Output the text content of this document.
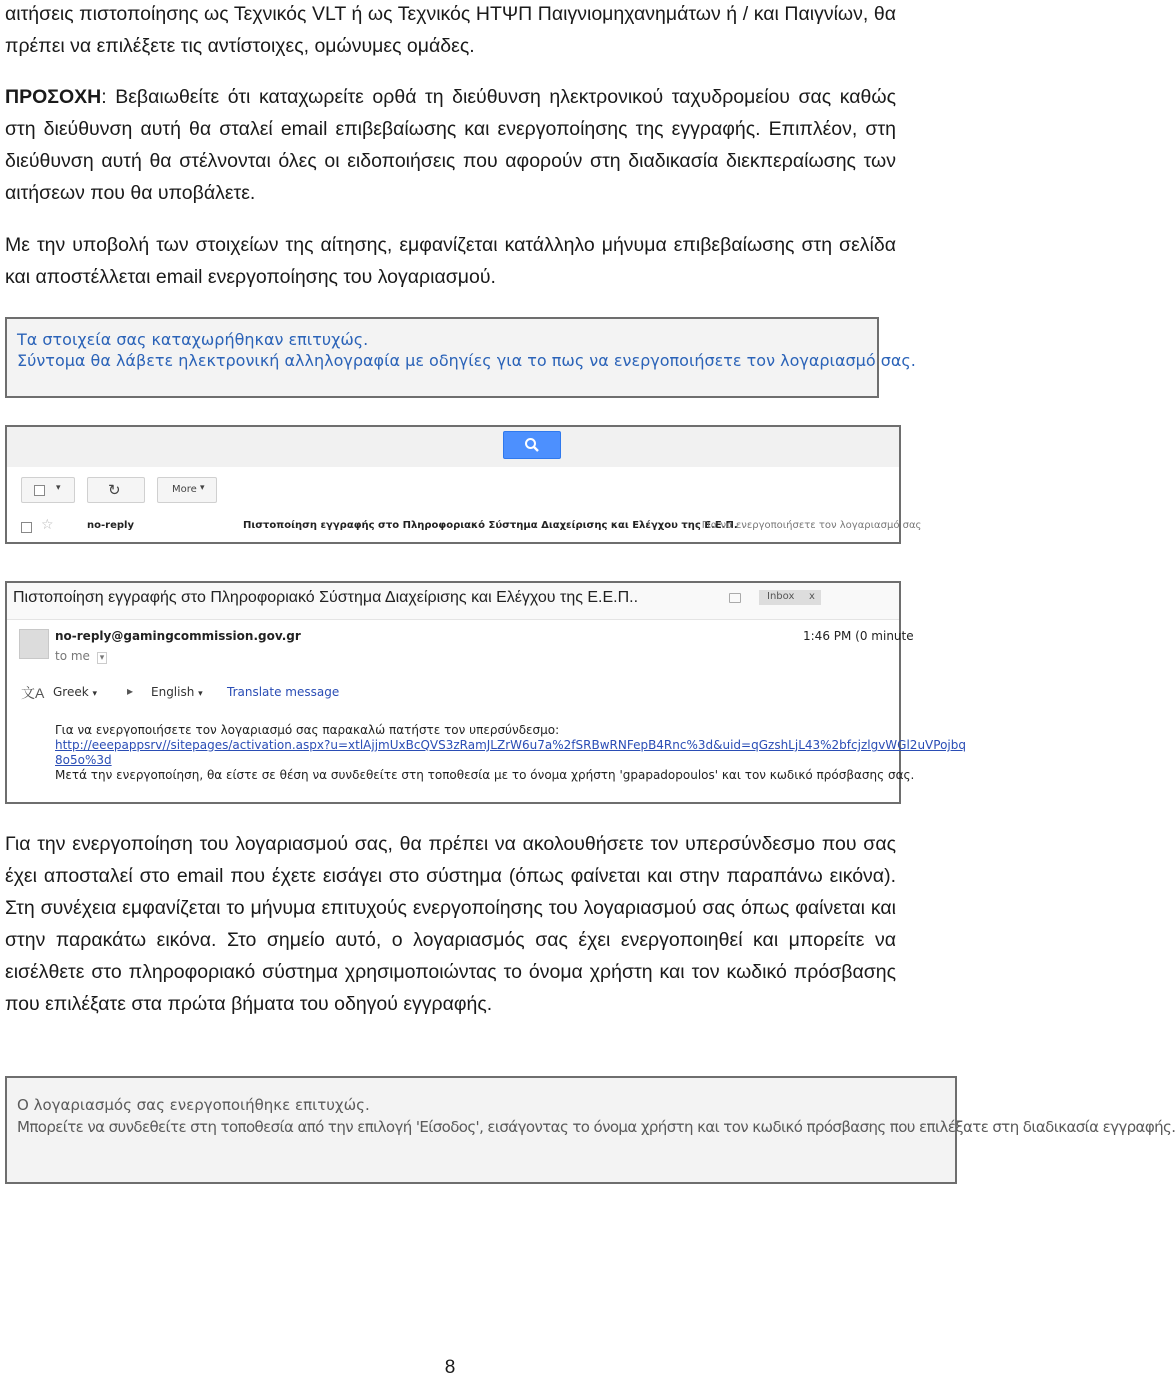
αιτήσεις πιστοποίησης ως Τεχνικός VLT ή ως Τεχνικός ΗΤΨΠ Παιγνιομηχανημάτων ή / και Παιγνίων, θα πρέπει να επιλέξετε τις αντίστοιχες, ομώνυμες ομάδες.

ΠΡΟΣΟΧΗ: Βεβαιωθείτε ότι καταχωρείτε ορθά τη διεύθυνση ηλεκτρονικού ταχυδρομείου σας καθώς στη διεύθυνση αυτή θα σταλεί email επιβεβαίωσης και ενεργοποίησης της εγγραφής. Επιπλέον, στη διεύθυνση αυτή θα στέλνονται όλες οι ειδοποιήσεις που αφορούν στη διαδικασία διεκπεραίωσης των αιτήσεων που θα υποβάλετε.

Με την υποβολή των στοιχείων της αίτησης, εμφανίζεται κατάλληλο μήνυμα επιβεβαίωσης στη σελίδα και αποστέλλεται email ενεργοποίησης του λογαριασμού.

Τα στοιχεία σας καταχωρήθηκαν επιτυχώς.
Σύντομα θα λάβετε ηλεκτρονική αλληλογραφία με οδηγίες για το πως να ενεργοποιήσετε τον λογαριασμό σας.
▾	↻	More ▾
☆	no-reply	Πιστοποίηση εγγραφής στο Πληροφοριακό Σύστημα Διαχείρισης και Ελέγχου της Ε.Ε.Π.
- Για να ενεργοποιήσετε τον λογαριασμό σας
Πιστοποίηση εγγραφής στο Πληροφοριακό Σύστημα Διαχείρισης και Ελέγχου της Ε.Ε.Π..	Inbox x
no-reply@gamingcommission.gov.gr
to me ▾
1:46 PM (0 minute
文A Greek ▾ ▸ English ▾ Translate message
Για να ενεργοποιήσετε τον λογαριασμό σας παρακαλώ πατήστε τον υπερσύνδεσμο:
http://eeepappsrv//sitepages/activation.aspx?u=xtlAjjmUxBcQVS3zRamJLZrW6u7a%2fSRBwRNFepB4Rnc%3d&uid=qGzshLjL43%2bfcjzlgvWGl2uVPojbq
8o5o%3d
Μετά την ενεργοποίηση, θα είστε σε θέση να συνδεθείτε στη τοποθεσία με το όνομα χρήστη 'gpapadopoulos' και τον κωδικό πρόσβασης σας.

Για την ενεργοποίηση του λογαριασμού σας, θα πρέπει να ακολουθήσετε τον υπερσύνδεσμο που σας έχει αποσταλεί στο email που έχετε εισάγει στο σύστημα (όπως φαίνεται και στην παραπάνω εικόνα). Στη συνέχεια εμφανίζεται το μήνυμα επιτυχούς ενεργοποίησης του λογαριασμού σας όπως φαίνεται και στην παρακάτω εικόνα. Στο σημείο αυτό, ο λογαριασμός σας έχει ενεργοποιηθεί και μπορείτε να εισέλθετε στο πληροφοριακό σύστημα χρησιμοποιώντας το όνομα χρήστη και τον κωδικό πρόσβασης που επιλέξατε στα πρώτα βήματα του οδηγού εγγραφής.

Ο λογαριασμός σας ενεργοποιήθηκε επιτυχώς.
Μπορείτε να συνδεθείτε στη τοποθεσία από την επιλογή 'Είσοδος', εισάγοντας το όνομα χρήστη και τον κωδικό πρόσβασης που επιλέξατε στη διαδικασία εγγραφής.
8
